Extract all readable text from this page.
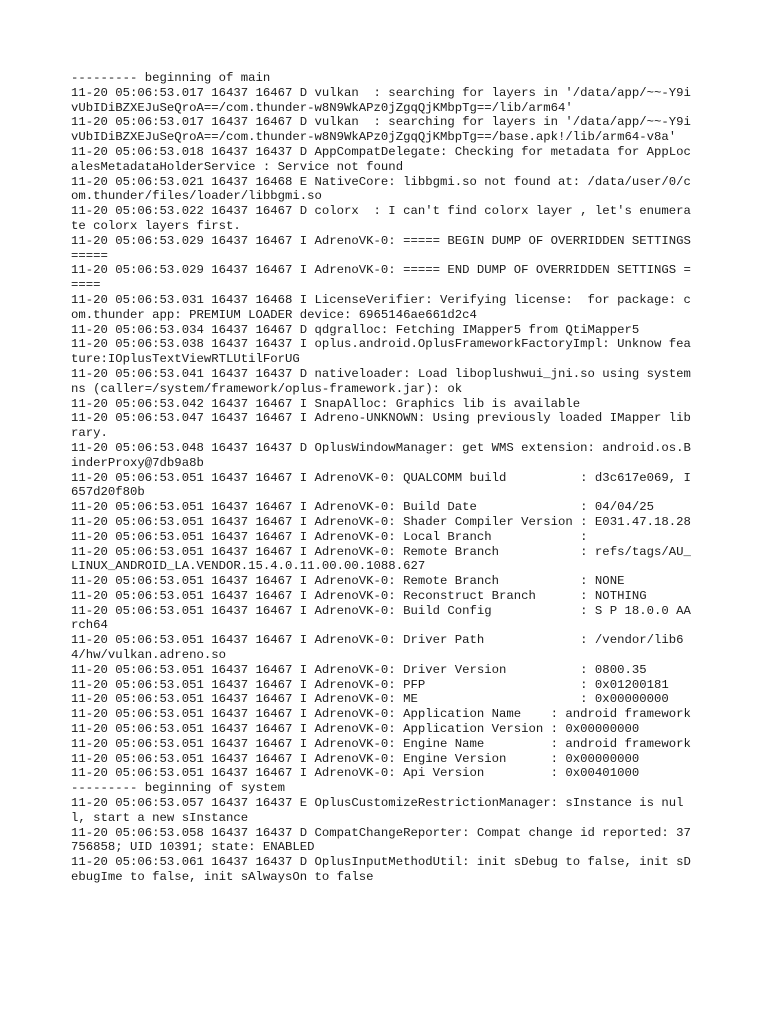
--------- beginning of main

11-20 05:06:53.017 16437 16467 D vulkan  : searching for layers in '/data/app/~~-Y9ivUbIDiBZXEJuSeQroA==/com.thunder-w8N9WkAPz0jZgqQjKMbpTg==/lib/arm64'

11-20 05:06:53.017 16437 16467 D vulkan  : searching for layers in '/data/app/~~-Y9ivUbIDiBZXEJuSeQroA==/com.thunder-w8N9WkAPz0jZgqQjKMbpTg==/base.apk!/lib/arm64-v8a'

11-20 05:06:53.018 16437 16437 D AppCompatDelegate: Checking for metadata for AppLocalesMetadataHolderService : Service not found

11-20 05:06:53.021 16437 16468 E NativeCore: libbgmi.so not found at: /data/user/0/com.thunder/files/loader/libbgmi.so

11-20 05:06:53.022 16437 16467 D colorx  : I can't find colorx layer , let's enumerate colorx layers first.

11-20 05:06:53.029 16437 16467 I AdrenoVK-0: ===== BEGIN DUMP OF OVERRIDDEN SETTINGS =====

11-20 05:06:53.029 16437 16467 I AdrenoVK-0: ===== END DUMP OF OVERRIDDEN SETTINGS =====

11-20 05:06:53.031 16437 16468 I LicenseVerifier: Verifying license:  for package: com.thunder app: PREMIUM LOADER device: 6965146ae661d2c4

11-20 05:06:53.034 16437 16467 D qdgralloc: Fetching IMapper5 from QtiMapper5

11-20 05:06:53.038 16437 16437 I oplus.android.OplusFrameworkFactoryImpl: Unknow feature:IOplusTextViewRTLUtilForUG

11-20 05:06:53.041 16437 16437 D nativeloader: Load liboplushwui_jni.so using system ns (caller=/system/framework/oplus-framework.jar): ok

11-20 05:06:53.042 16437 16467 I SnapAlloc: Graphics lib is available

11-20 05:06:53.047 16437 16467 I Adreno-UNKNOWN: Using previously loaded IMapper library.

11-20 05:06:53.048 16437 16437 D OplusWindowManager: get WMS extension: android.os.BinderProxy@7db9a8b

11-20 05:06:53.051 16437 16467 I AdrenoVK-0: QUALCOMM build          : d3c617e069, I657d20f80b

11-20 05:06:53.051 16437 16467 I AdrenoVK-0: Build Date              : 04/04/25

11-20 05:06:53.051 16437 16467 I AdrenoVK-0: Shader Compiler Version : E031.47.18.28

11-20 05:06:53.051 16437 16467 I AdrenoVK-0: Local Branch            :

11-20 05:06:53.051 16437 16467 I AdrenoVK-0: Remote Branch           : refs/tags/AU_LINUX_ANDROID_LA.VENDOR.15.4.0.11.00.00.1088.627

11-20 05:06:53.051 16437 16467 I AdrenoVK-0: Remote Branch           : NONE

11-20 05:06:53.051 16437 16467 I AdrenoVK-0: Reconstruct Branch      : NOTHING

11-20 05:06:53.051 16437 16467 I AdrenoVK-0: Build Config            : S P 18.0.0 AArch64

11-20 05:06:53.051 16437 16467 I AdrenoVK-0: Driver Path             : /vendor/lib64/hw/vulkan.adreno.so

11-20 05:06:53.051 16437 16467 I AdrenoVK-0: Driver Version          : 0800.35

11-20 05:06:53.051 16437 16467 I AdrenoVK-0: PFP                     : 0x01200181

11-20 05:06:53.051 16437 16467 I AdrenoVK-0: ME                      : 0x00000000

11-20 05:06:53.051 16437 16467 I AdrenoVK-0: Application Name    : android framework

11-20 05:06:53.051 16437 16467 I AdrenoVK-0: Application Version : 0x00000000

11-20 05:06:53.051 16437 16467 I AdrenoVK-0: Engine Name         : android framework

11-20 05:06:53.051 16437 16467 I AdrenoVK-0: Engine Version      : 0x00000000

11-20 05:06:53.051 16437 16467 I AdrenoVK-0: Api Version         : 0x00401000

--------- beginning of system

11-20 05:06:53.057 16437 16437 E OplusCustomizeRestrictionManager: sInstance is null, start a new sInstance

11-20 05:06:53.058 16437 16437 D CompatChangeReporter: Compat change id reported: 37756858; UID 10391; state: ENABLED

11-20 05:06:53.061 16437 16437 D OplusInputMethodUtil: init sDebug to false, init sDebugIme to false, init sAlwaysOn to false
